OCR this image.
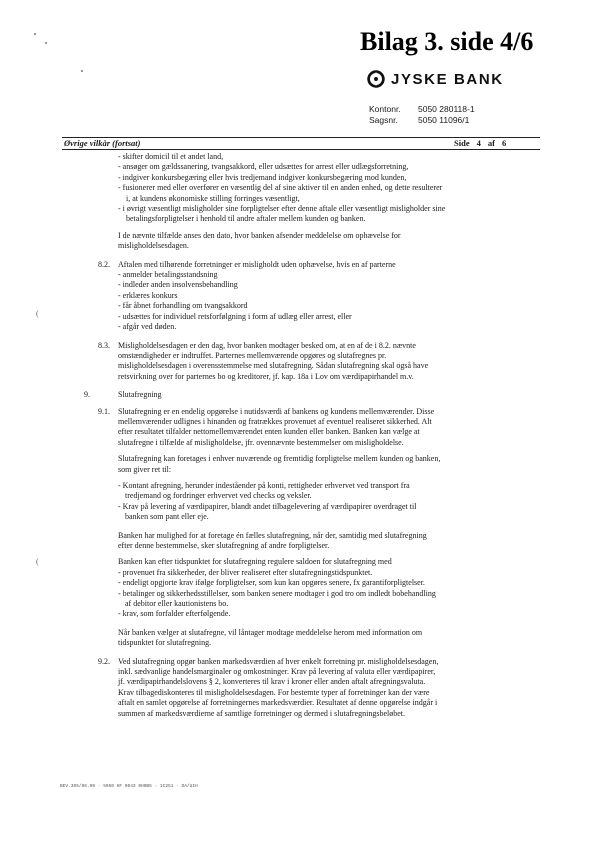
(
(
Bilag 3. side 4/6
JYSKE BANK
Kontonr.	5050 280118-1
Sagsnr.	5050 11096/1
Øvrige vilkår (fortsat)	Side 4 af 6
- skifter domicil til et andet land,
- ansøger om gældssanering, tvangsakkord, eller udsættes for arrest eller udlægsforretning,
- indgiver konkursbegæring eller hvis tredjemand indgiver konkursbegæring mod kunden,
- fusionerer med eller overfører en væsentlig del af sine aktiver til en anden enhed, og dette resulterer
i, at kundens økonomiske stilling forringes væsentligt,
- i øvrigt væsentligt misligholder sine forpligtelser efter denne aftale eller væsentligt misligholder sine
betalingsforpligtelser i henhold til andre aftaler mellem kunden og banken.
I de nævnte tilfælde anses den dato, hvor banken afsender meddelelse om ophævelse for
misligholdelsesdagen.
8.2.	Aftalen med tilhørende forretninger er misligholdt uden ophævelse, hvis en af parterne
- anmelder betalingsstandsning
- indleder anden insolvensbehandling
- erklæres konkurs
- får åbnet forhandling om tvangsakkord
- udsættes for individuel retsforfølgning i form af udlæg eller arrest, eller
- afgår ved døden.
8.3.	Misligholdelsesdagen er den dag, hvor banken modtager besked om, at en af de i 8.2. nævnte
omstændigheder er indtruffet. Parternes mellemværende opgøres og slutafregnes pr.
misligholdelsesdagen i overensstemmelse med slutafregning. Sådan slutafregning skal også have
retsvirkning over for parternes bo og kreditorer, jf. kap. 18a i Lov om værdipapirhandel m.v.
9.	Slutafregning
9.1.	Slutafregning er en endelig opgørelse i nutidsværdi af bankens og kundens mellemværender. Disse
mellemværender udlignes i hinanden og fratrækkes provenuet af eventuel realiseret sikkerhed. Alt
efter resultatet tilfalder nettomellemværendet enten kunden eller banken. Banken kan vælge at
slutafregne i tilfælde af misligholdelse, jfr. ovennævnte bestemmelser om misligholdelse.
Slutafregning kan foretages i enhver nuværende og fremtidig forpligtelse mellem kunden og banken,
som giver ret til:
- Kontant afregning, herunder indeståender på konti, rettigheder erhvervet ved transport fra
tredjemand og fordringer erhvervet ved checks og veksler.
- Krav på levering af værdipapirer, blandt andet tilbagelevering af værdipapirer overdraget til
banken som pant eller eje.
Banken har mulighed for at foretage én fælles slutafregning, når der, samtidig med slutafregning
efter denne bestemmelse, sker slutafregning af andre forpligtelser.
Banken kan efter tidspunktet for slutafregning regulere saldoen for slutafregning med
- provenuet fra sikkerheder, der bliver realiseret efter slutafregningstidspunktet.
- endeligt opgjorte krav ifølge forpligtelser, som kun kan opgøres senere, fx garantiforpligtelser.
- betalinger og sikkerhedsstillelser, som banken senere modtager i god tro om indledt bobehandling
af debitor eller kautionistens bo.
- krav, som forfalder efterfølgende.
Når banken vælger at slutafregne, vil låntager modtage meddelelse herom med information om
tidspunktet for slutafregning.
9.2.	Ved slutafregning opgør banken markedsværdien af hver enkelt forretning pr. misligholdelsesdagen,
inkl. sædvanlige handelsmarginaler og omkostninger. Krav på levering af valuta eller værdipapirer,
jf. værdipapirhandelslovens § 2, konverteres til krav i kroner eller anden aftalt afregningsvaluta.
Krav tilbagediskonteres til misligholdelsesdagen. For bestemte typer af forretninger kan der være
aftalt en samlet opgørelse af forretningernes markedsværdier. Resultatet af denne opgørelse indgår i
summen af markedsværdierne af samtlige forretninger og dermed i slutafregningsbeløbet.
BEV.305/06.09 · 5050 HF 9043 0H0B5 · 1C251 · DA/UIH
